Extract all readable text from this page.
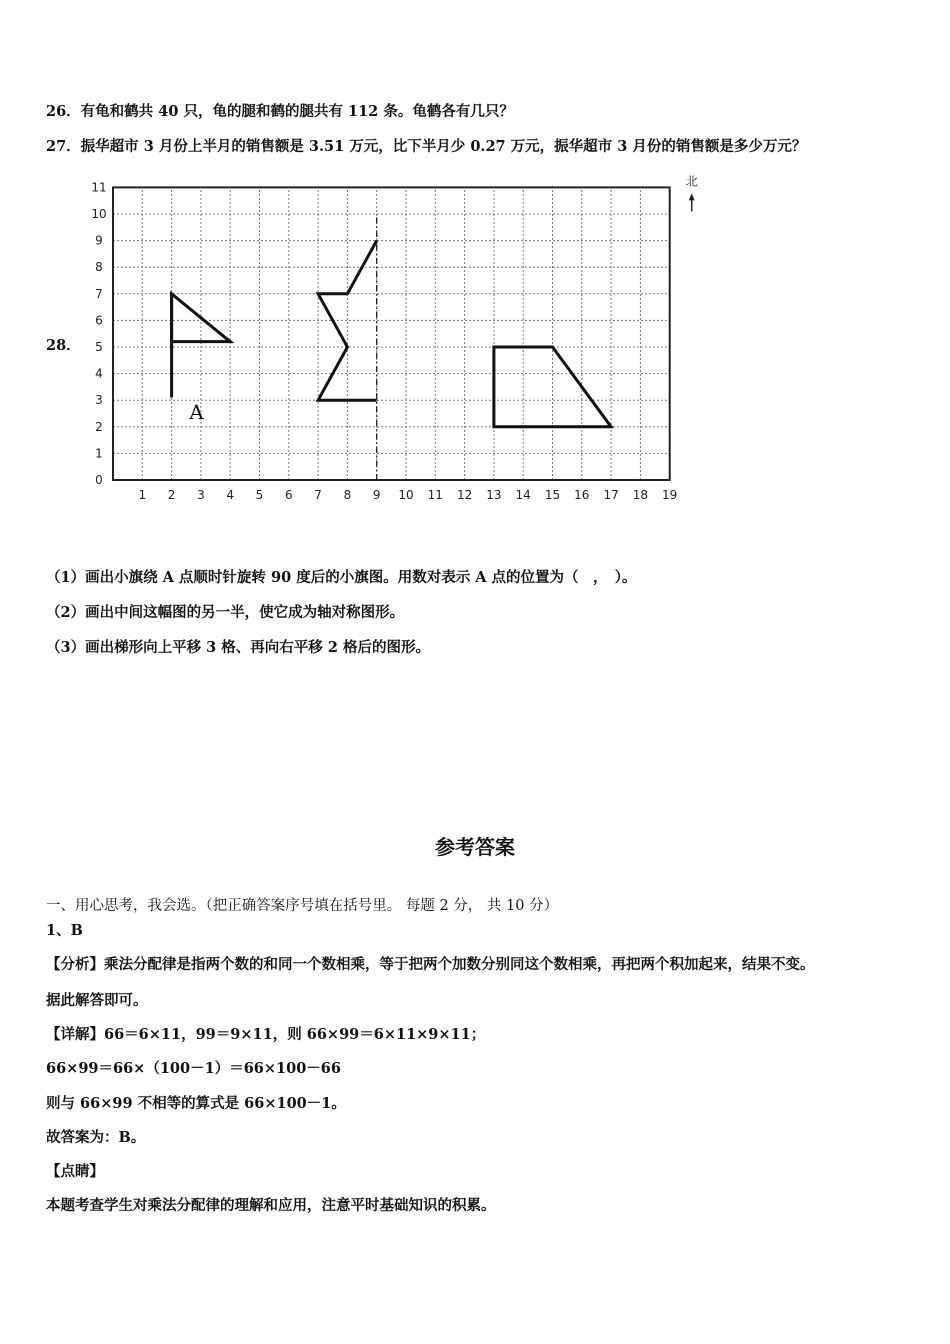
26．有龟和鹤共 40 只，龟的腿和鹤的腿共有 112 条。龟鹤各有几只？
27．振华超市 3 月份上半月的销售额是 3.51 万元，比下半月少 0.27 万元，振华超市 3 月份的销售额是多少万元？
28．
1 2 3 4 5 6 7 8 9 10 11 12 13 14 15 16 17 18 19
0
1
2
3
4
5
6
7
8
9
10
11	北
A
（1）画出小旗绕 A 点顺时针旋转 90 度后的小旗图。用数对表示 A 点的位置为（　，　）。
（2）画出中间这幅图的另一半，使它成为轴对称图形。
（3）画出梯形向上平移 3 格、再向右平移 2 格后的图形。
参考答案
一、用心思考，我会选。（把正确答案序号填在括号里。 每题 2 分， 共 10 分）
1、B
【分析】乘法分配律是指两个数的和同一个数相乘，等于把两个加数分别同这个数相乘，再把两个积加起来，结果不变。
据此解答即可。
【详解】66＝6×11，99＝9×11，则 66×99＝6×11×9×11；
66×99＝66×（100－1）＝66×100－66
则与 66×99 不相等的算式是 66×100－1。
故答案为：B。
【点睛】
本题考查学生对乘法分配律的理解和应用，注意平时基础知识的积累。
